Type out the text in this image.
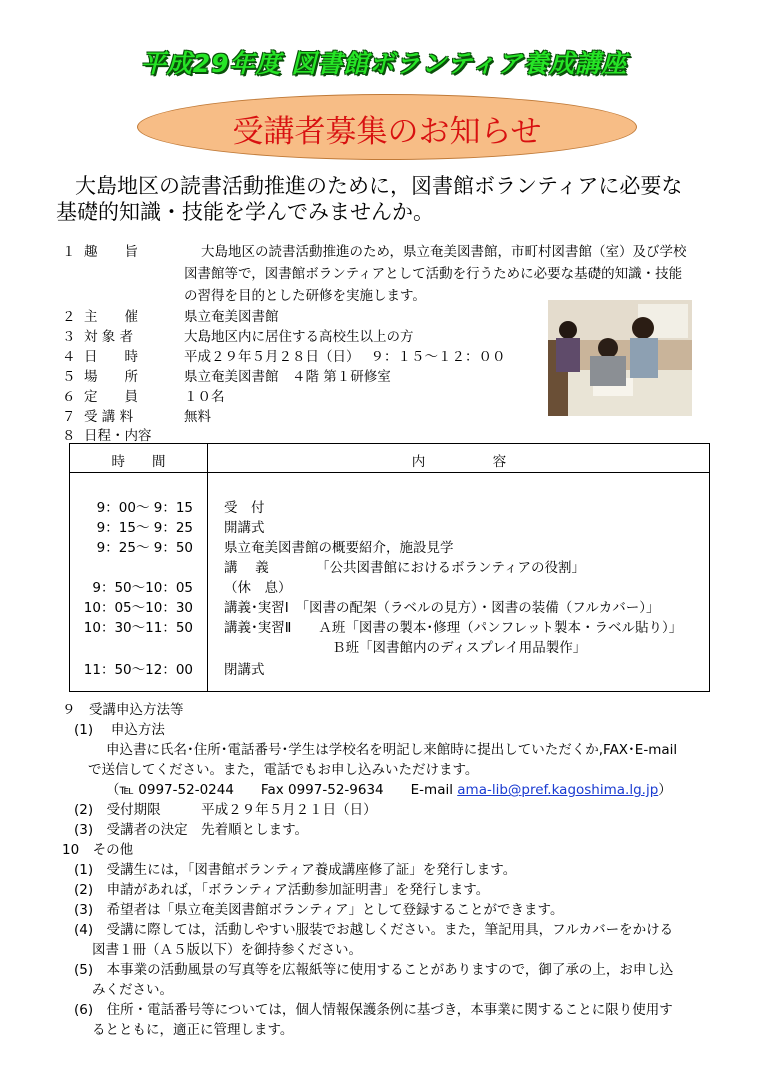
平成29年度 図書館ボランティア養成講座
受講者募集のお知らせ
大島地区の読書活動推進のために，図書館ボランティアに必要な
基礎的知識・技能を学んでみませんか。
１ 趣　　旨	大島地区の読書活動推進のため，県立奄美図書館，市町村図書館（室）及び学校
図書館等で，図書館ボランティアとして活動を行うために必要な基礎的知識・技能
の習得を目的とした研修を実施します。
２ 主　　催	県立奄美図書館
３ 対 象 者	大島地区内に居住する高校生以上の方
４ 日　　時	平成２９年５月２８日（日）　 ９：１５～１２：００
５ 場　　所	県立奄美図書館　４階 第１研修室
６ 定　　員	１０名
７ 受 講 料	無料
８ 日程・内容
時　　間	内　　　　　容
9：00～ 9：15 受　付
9：15～ 9：25 開講式
9：25～ 9：50 県立奄美図書館の概要紹介，施設見学
講　 義　　　　「公共図書館におけるボランティアの役割」
9：50～10：05 （休　息）
10：05～10：30 講義･実習Ⅰ　「図書の配架（ラベルの見方）・図書の装備（フルカバー）」
10：30～11：50 講義･実習Ⅱ　　Ａ班「図書の製本･修理（パンフレット製本・ラベル貼り）」
　　　　　　　　Ｂ班「図書館内のディスプレイ用品製作」
11：50～12：00 閉講式
９　受講申込方法等
(1)　 申込方法
申込書に氏名･住所･電話番号･学生は学校名を明記し来館時に提出していただくか,FAX･E-mail
で送信してください。また，電話でもお申し込みいただけます。
（℡ 0997-52-0244　　Fax 0997-52-9634　　E-mail ama-lib@pref.kagoshima.lg.jp）
(2)　受付期限　　　平成２９年５月２１日（日）
(3)　受講者の決定　先着順とします。
10　その他
(1)　受講生には，「図書館ボランティア養成講座修了証」を発行します。
(2)　申請があれば，「ボランティア活動参加証明書」を発行します。
(3)　希望者は「県立奄美図書館ボランティア」として登録することができます。
(4)　受講に際しては，活動しやすい服装でお越しください。また，筆記用具，フルカバーをかける
図書１冊（Ａ５版以下）を御持参ください。
(5)　本事業の活動風景の写真等を広報紙等に使用することがありますので，御了承の上，お申し込
みください。
(6)　住所・電話番号等については，個人情報保護条例に基づき，本事業に関することに限り使用す
るとともに，適正に管理します。
